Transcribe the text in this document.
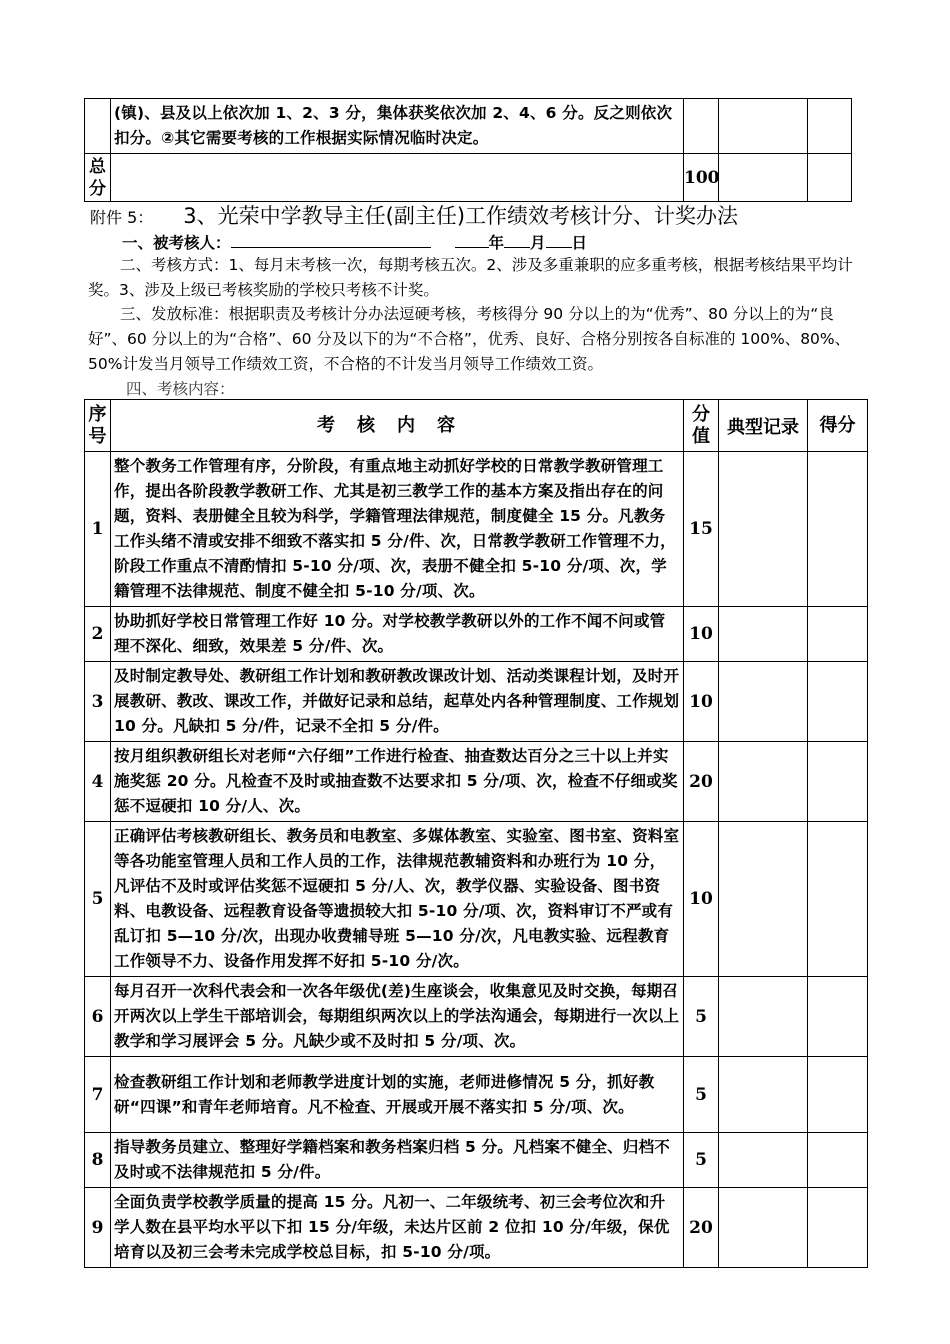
	(镇)、县及以上依次加 1、2、3 分，集体获奖依次加 2、4、6 分。反之则依次扣分。②其它需要考核的工作根据实际情况临时决定。			
总分		100		
附件 5： 3、光荣中学教导主任(副主任)工作绩效考核计分、计奖办法
一、被考核人：	年 月 日
二、考核方式：1、每月末考核一次，每期考核五次。2、涉及多重兼职的应多重考核，根据考核结果平均计奖。3、涉及上级已考核奖励的学校只考核不计奖。
三、发放标准：根据职责及考核计分办法逗硬考核，考核得分 90 分以上的为“优秀”、80 分以上的为“良好”、60 分以上的为“合格”、60 分及以下的为“不合格”，优秀、良好、合格分别按各自标准的 100%、80%、50%计发当月领导工作绩效工资，不合格的不计发当月领导工作绩效工资。
四、考核内容：
序号	考核内容	分值	典型记录	得分
1	整个教务工作管理有序，分阶段，有重点地主动抓好学校的日常教学教研管理工作，提出各阶段教学教研工作、尤其是初三教学工作的基本方案及指出存在的问题，资料、表册健全且较为科学，学籍管理法律规范，制度健全 15 分。凡教务工作头绪不清或安排不细致不落实扣 5 分/件、次，日常教学教研工作管理不力，阶段工作重点不清酌情扣 5-10 分/项、次，表册不健全扣 5-10 分/项、次，学籍管理不法律规范、制度不健全扣 5-10 分/项、次。	15		
2	协助抓好学校日常管理工作好 10 分。对学校教学教研以外的工作不闻不问或管理不深化、细致，效果差 5 分/件、次。	10		
3	及时制定教导处、教研组工作计划和教研教改课改计划、活动类课程计划，及时开展教研、教改、课改工作，并做好记录和总结，起草处内各种管理制度、工作规划 10 分。凡缺扣 5 分/件，记录不全扣 5 分/件。	10		
4	按月组织教研组长对老师“六仔细”工作进行检查、抽查数达百分之三十以上并实施奖惩 20 分。凡检查不及时或抽查数不达要求扣 5 分/项、次，检查不仔细或奖惩不逗硬扣 10 分/人、次。	20		
5	正确评估考核教研组长、教务员和电教室、多媒体教室、实验室、图书室、资料室等各功能室管理人员和工作人员的工作，法律规范教辅资料和办班行为 10 分，凡评估不及时或评估奖惩不逗硬扣 5 分/人、次，教学仪器、实验设备、图书资料、电教设备、远程教育设备等遗损较大扣 5-10 分/项、次，资料审订不严或有乱订扣 5—10 分/次，出现办收费辅导班 5—10 分/次，凡电教实验、远程教育工作领导不力、设备作用发挥不好扣 5-10 分/次。	10		
6	每月召开一次科代表会和一次各年级优(差)生座谈会，收集意见及时交换，每期召开两次以上学生干部培训会，每期组织两次以上的学法沟通会，每期进行一次以上教学和学习展评会 5 分。凡缺少或不及时扣 5 分/项、次。	5		
7	检查教研组工作计划和老师教学进度计划的实施，老师进修情况 5 分，抓好教研“四课”和青年老师培育。凡不检查、开展或开展不落实扣 5 分/项、次。	5		
8	指导教务员建立、整理好学籍档案和教务档案归档 5 分。凡档案不健全、归档不及时或不法律规范扣 5 分/件。	5		
9	全面负责学校教学质量的提高 15 分。凡初一、二年级统考、初三会考位次和升学人数在县平均水平以下扣 15 分/年级，未达片区前 2 位扣 10 分/年级，保优培育以及初三会考未完成学校总目标，扣 5-10 分/项。	20		
